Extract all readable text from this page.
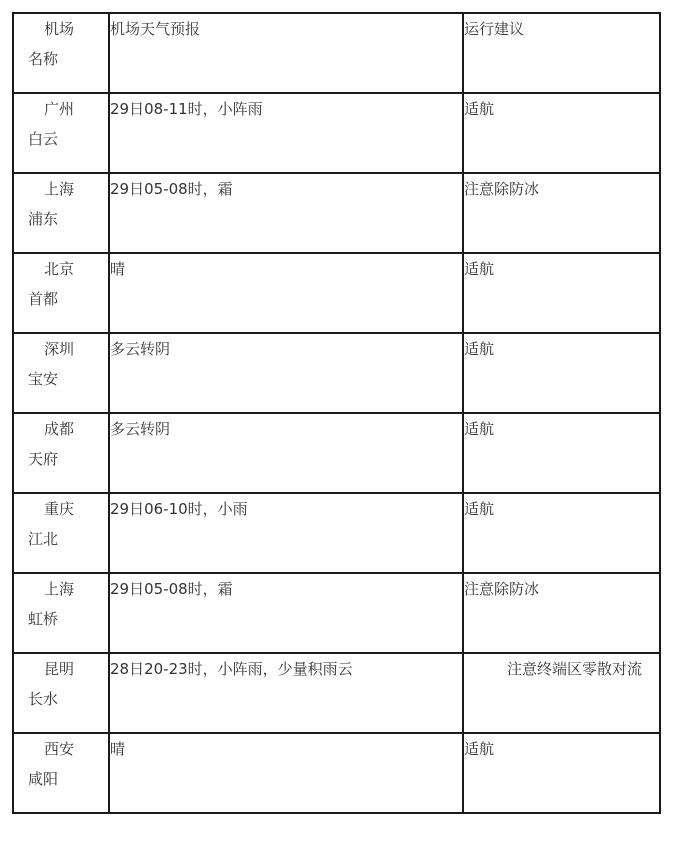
机场
名称	机场天气预报	运行建议

广州
白云	29日08-11时，小阵雨	适航

上海
浦东	29日05-08时，霜	注意除防冰

北京
首都	晴	适航

深圳
宝安	多云转阴	适航

成都
天府	多云转阴	适航

重庆
江北	29日06-10时，小雨	适航

上海
虹桥	29日05-08时，霜	注意除防冰

昆明
长水	28日20-23时，小阵雨，少量积雨云	注意终端区零散对流

西安
咸阳	晴	适航
